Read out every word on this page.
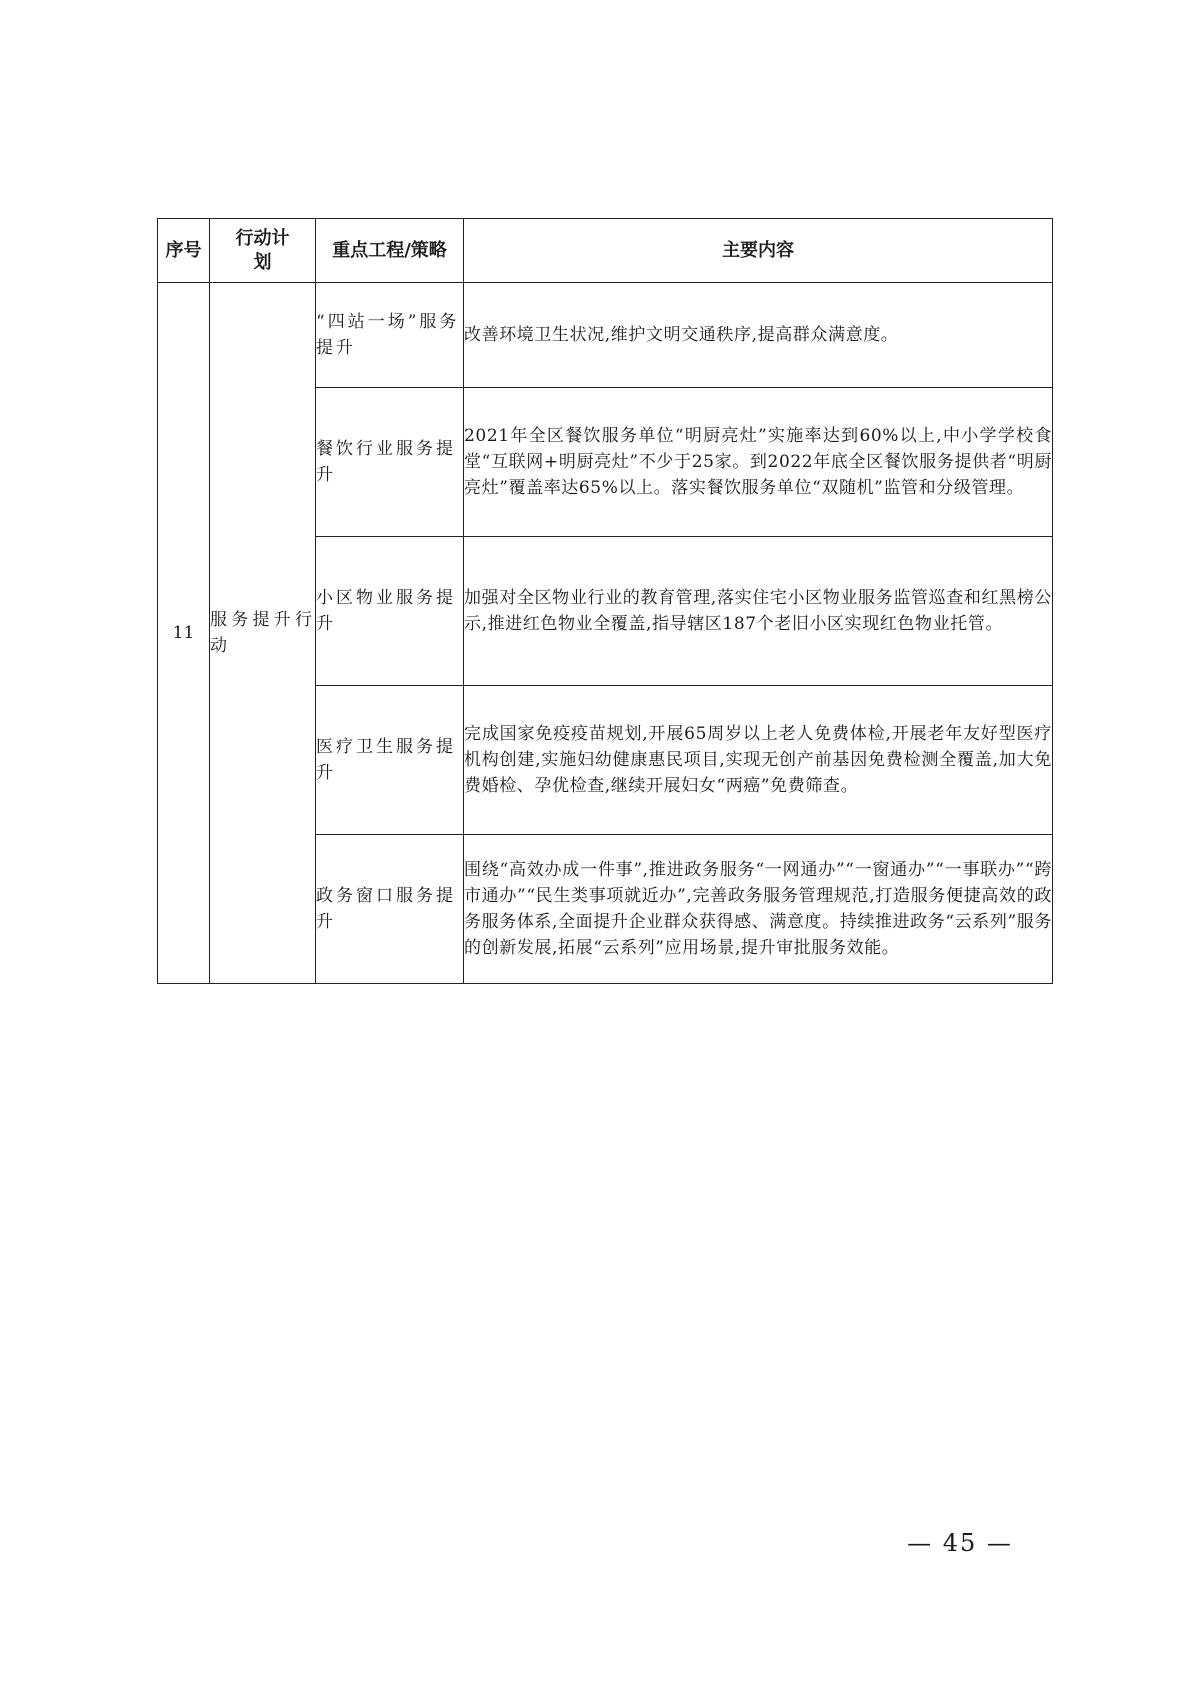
序号	行动计划	重点工程/策略	主要内容
11	服务提升行动	“四站一场”服务提升	改善环境卫生状况,维护文明交通秩序,提高群众满意度。
		餐饮行业服务提升	2021年全区餐饮服务单位“明厨亮灶”实施率达到60%以上,中小学学校食堂“互联网+明厨亮灶”不少于25家。到2022年底全区餐饮服务提供者“明厨亮灶”覆盖率达65%以上。落实餐饮服务单位“双随机”监管和分级管理。
		小区物业服务提升	加强对全区物业行业的教育管理,落实住宅小区物业服务监管巡查和红黑榜公示,推进红色物业全覆盖,指导辖区187个老旧小区实现红色物业托管。
		医疗卫生服务提升	完成国家免疫疫苗规划,开展65周岁以上老人免费体检,开展老年友好型医疗机构创建,实施妇幼健康惠民项目,实现无创产前基因免费检测全覆盖,加大免费婚检、孕优检查,继续开展妇女“两癌”免费筛查。
		政务窗口服务提升	围绕“高效办成一件事”,推进政务服务“一网通办”“一窗通办”“一事联办”“跨市通办”“民生类事项就近办”,完善政务服务管理规范,打造服务便捷高效的政务服务体系,全面提升企业群众获得感、满意度。持续推进政务“云系列”服务的创新发展,拓展“云系列”应用场景,提升审批服务效能。
— 45 —
